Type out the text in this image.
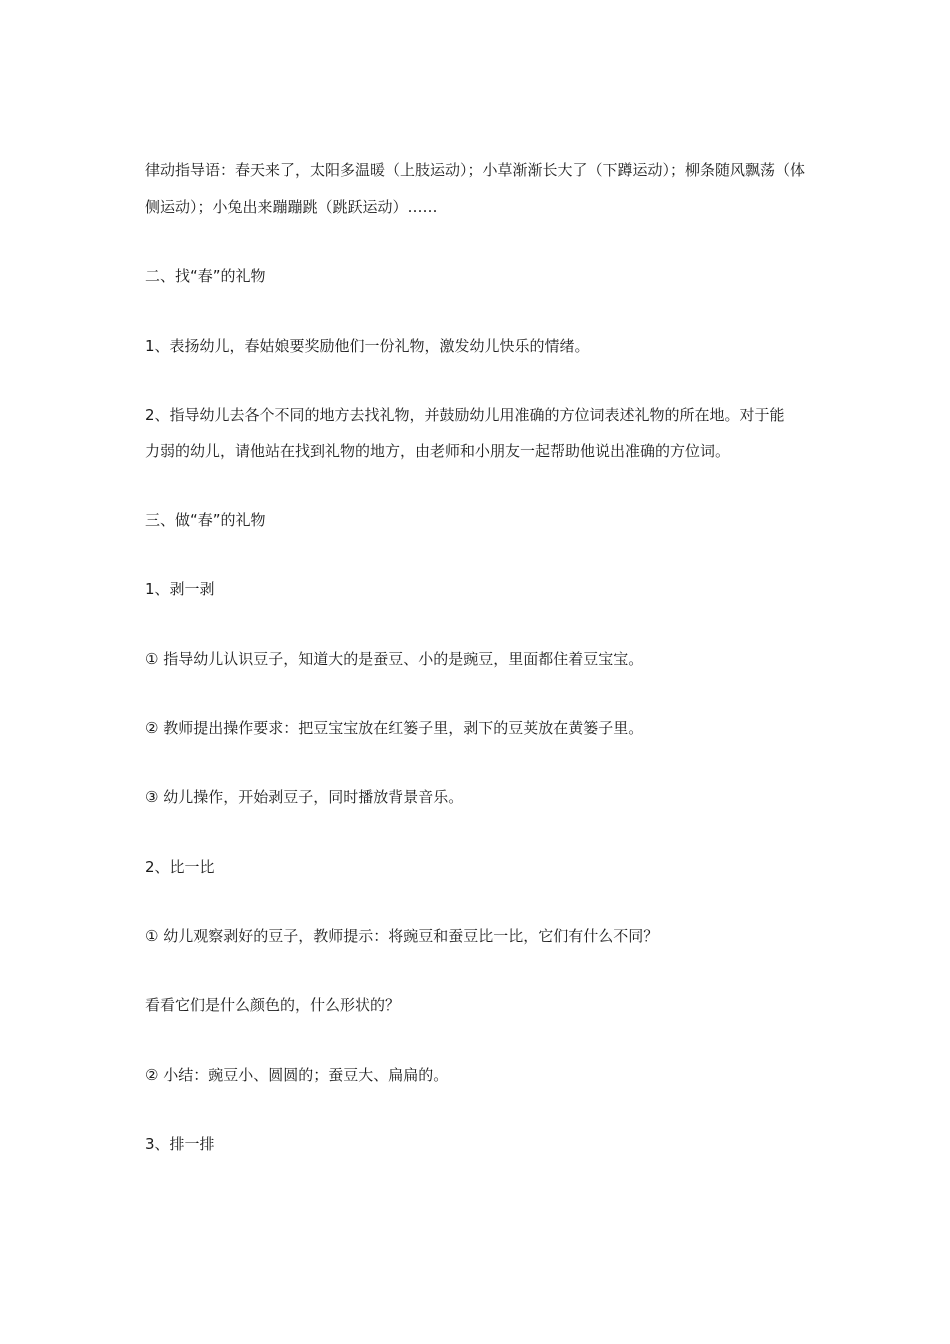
律动指导语：春天来了，太阳多温暖（上肢运动）；小草渐渐长大了（下蹲运动）；柳条随风飘荡（体
侧运动）；小兔出来蹦蹦跳（跳跃运动）……
二、找“春”的礼物
1、表扬幼儿，春姑娘要奖励他们一份礼物，激发幼儿快乐的情绪。
2、指导幼儿去各个不同的地方去找礼物，并鼓励幼儿用准确的方位词表述礼物的所在地。对于能
力弱的幼儿，请他站在找到礼物的地方，由老师和小朋友一起帮助他说出准确的方位词。
三、做“春”的礼物
1、剥一剥
① 指导幼儿认识豆子，知道大的是蚕豆、小的是豌豆，里面都住着豆宝宝。
② 教师提出操作要求：把豆宝宝放在红篓子里，剥下的豆荚放在黄篓子里。
③ 幼儿操作，开始剥豆子，同时播放背景音乐。
2、比一比
① 幼儿观察剥好的豆子，教师提示：将豌豆和蚕豆比一比，它们有什么不同？
看看它们是什么颜色的，什么形状的？
② 小结：豌豆小、圆圆的；蚕豆大、扁扁的。
3、排一排
